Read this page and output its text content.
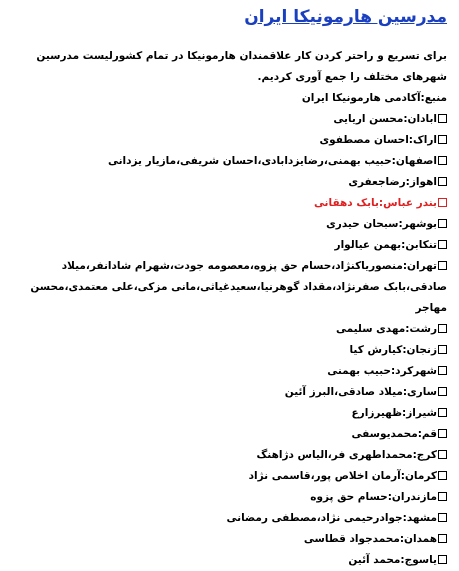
مدرسین هارمونیکا ایران

برای تسریع و راحتر کردن کار علاقمندان هارمونیکا در تمام کشورلیست مدرسین شهرهای مختلف را جمع آوری کردیم.

منبع:آکادمی هارمونیکا ایران

ابادان:محسن اریایی
اراک:احسان مصطفوی
اصفهان:حبیب بهمنی،رضایزدابادی،احسان شریفی،مازیار یزدانی
اهواز:رضاجعفری
بندر عباس:بابک دهقانی
بوشهر:سبحان حیدری
تنکابن:بهمن عیالوار
تهران:منصوریاکنژاد،حسام حق پزوه،معصومه جودت،شهرام شادانفر،میلاد صادقی،بابک صفرنژاد،مقداد گوهرنیا،سعیدغیاثی،مانی مزکی،علی معتمدی،محسن مهاجر
رشت:مهدی سلیمی
زنجان:کیارش کیا
شهرکرد:حبیب بهمنی
ساری:میلاد صادقی،البرز آئین
شیراز:ظهیرزارع
قم:محمدیوسفی
کرج:محمداطهری فر،الیاس دژاهنگ
کرمان:آرمان اخلاص پور،قاسمی نژاد
مازندران:حسام حق پزوه
مشهد:جوادرحیمی نژاد،مصطفی رمضانی
همدان:محمدجواد قطاسی
یاسوج:محمد آئین
